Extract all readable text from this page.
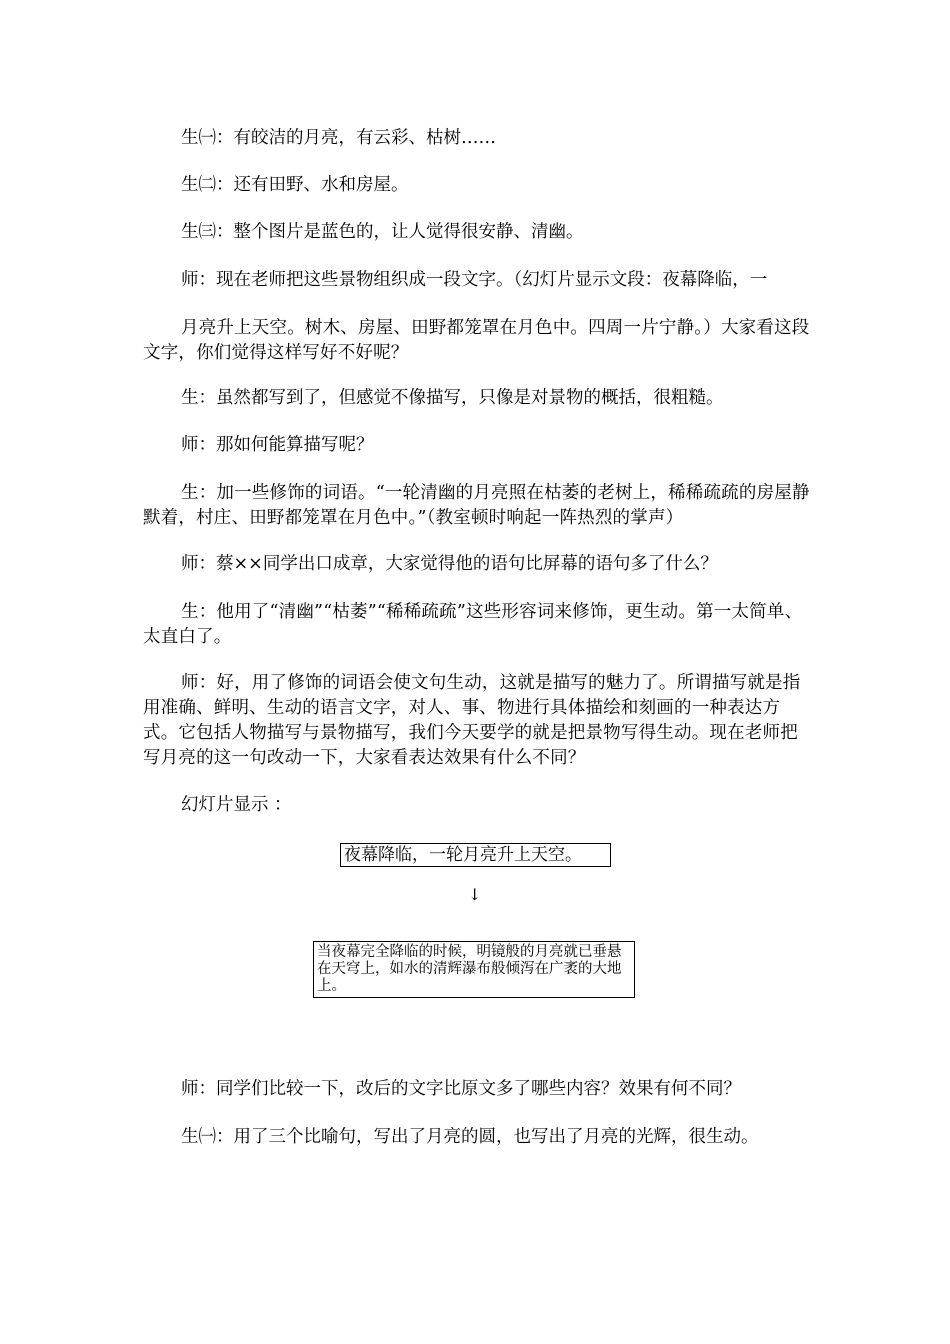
生㈠：有皎洁的月亮，有云彩、枯树……
生㈡：还有田野、水和房屋。
生㈢：整个图片是蓝色的，让人觉得很安静、清幽。
师：现在老师把这些景物组织成一段文字。（幻灯片显示文段：夜幕降临，一
月亮升上天空。树木、房屋、田野都笼罩在月色中。四周一片宁静。）大家看这段文字，你们觉得这样写好不好呢？
生：虽然都写到了，但感觉不像描写，只像是对景物的概括，很粗糙。
师：那如何能算描写呢？
生：加一些修饰的词语。“一轮清幽的月亮照在枯萎的老树上，稀稀疏疏的房屋静默着，村庄、田野都笼罩在月色中。”（教室顿时响起一阵热烈的掌声）
师：蔡××同学出口成章，大家觉得他的语句比屏幕的语句多了什么？
生：他用了“清幽”“枯萎”“稀稀疏疏”这些形容词来修饰，更生动。第一太简单、太直白了。
师：好，用了修饰的词语会使文句生动，这就是描写的魅力了。所谓描写就是指用准确、鲜明、生动的语言文字，对人、事、物进行具体描绘和刻画的一种表达方式。它包括人物描写与景物描写，我们今天要学的就是把景物写得生动。现在老师把写月亮的这一句改动一下，大家看表达效果有什么不同？
幻灯片显示 ：
夜幕降临，一轮月亮升上天空。
↓
当夜幕完全降临的时候，明镜般的月亮就已垂悬在天穹上，如水的清辉瀑布般倾泻在广袤的大地上。
师：同学们比较一下，改后的文字比原文多了哪些内容？效果有何不同？
生㈠：用了三个比喻句，写出了月亮的圆，也写出了月亮的光辉，很生动。
